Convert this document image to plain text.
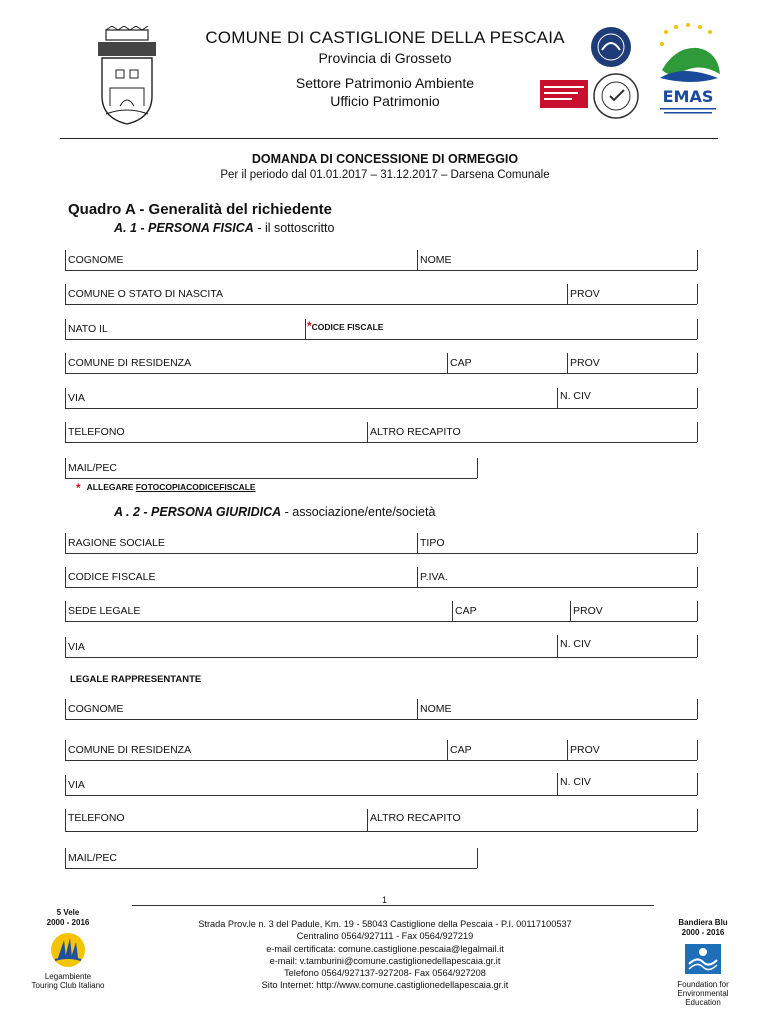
COMUNE DI CASTIGLIONE DELLA PESCAIA
Provincia di Grosseto
Settore Patrimonio Ambiente
Ufficio Patrimonio	EMAS
DOMANDA DI CONCESSIONE DI ORMEGGIO
Per il periodo dal 01.01.2017 – 31.12.2017 – Darsena Comunale
Quadro A - Generalità del richiedente
A. 1 - PERSONA FISICA - il sottoscritto
COGNOME	NOME
COMUNE O STATO DI NASCITA	PROV
NATO IL	*CODICE FISCALE
COMUNE DI RESIDENZA	CAP	PROV
VIA	N. CIV
TELEFONO	ALTRO RECAPITO
MAIL/PEC
* ALLEGARE FOTOCOPIACODICEFISCALE
A . 2 - PERSONA GIURIDICA - associazione/ente/società
RAGIONE SOCIALE	TIPO
CODICE FISCALE	P.IVA.
SEDE LEGALE	CAP	PROV
VIA	N. CIV
LEGALE RAPPRESENTANTE
COGNOME	NOME
COMUNE DI RESIDENZA	CAP	PROV
VIA	N. CIV
TELEFONO	ALTRO RECAPITO
MAIL/PEC
1
5 Vele
2000 - 2016
Legambiente
Touring Club Italiano
Strada Prov.le n. 3 del Padule, Km. 19 - 58043 Castiglione della Pescaia - P.I. 00117100537
Centralino 0564/927111 - Fax 0564/927219
e-mail certificata: comune.castiglione.pescaia@legalmail.it
e-mail: v.tamburini@comune.castiglionedellapescaia.gr.it
Telefono 0564/927137-927208- Fax 0564/927208
Sito Internet: http://www.comune.castiglionedellapescaia.gr.it
Bandiera Blu
2000 - 2016
Foundation for
Environmental
Education
